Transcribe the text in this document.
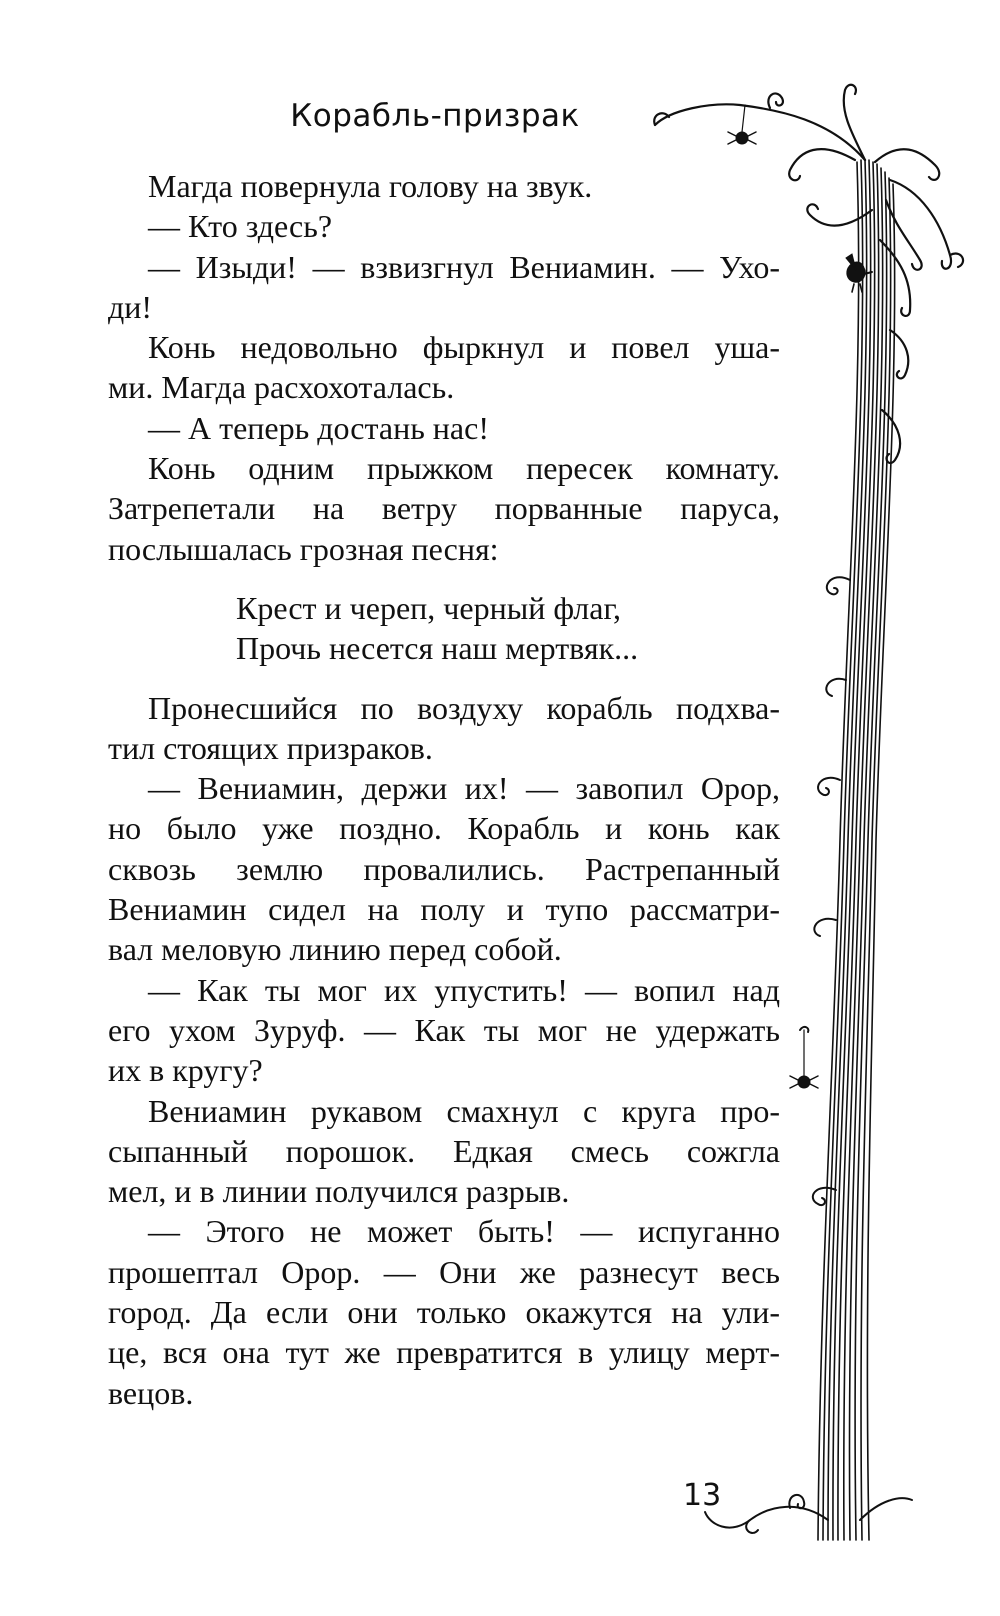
Корабль-призрак
Магда повернула голову на звук.
— Кто здесь?
— Изыди! — взвизгнул Вениамин. — Ухо-
ди!
Конь недовольно фыркнул и повел уша-
ми. Магда расхохоталась.
— А теперь достань нас!
Конь одним прыжком пересек комнату.
Затрепетали на ветру порванные паруса,
послышалась грозная песня:
Крест и череп, черный флаг,
Прочь несется наш мертвяк...
Пронесшийся по воздуху корабль подхва-
тил стоящих призраков.
— Вениамин, держи их! — завопил Орор,
но было уже поздно. Корабль и конь как
сквозь землю провалились. Растрепанный
Вениамин сидел на полу и тупо рассматри-
вал меловую линию перед собой.
— Как ты мог их упустить! — вопил над
его ухом Зуруф. — Как ты мог не удержать
их в кругу?
Вениамин рукавом смахнул с круга про-
сыпанный порошок. Едкая смесь сожгла
мел, и в линии получился разрыв.
— Этого не может быть! — испуганно
прошептал Орор. — Они же разнесут весь
город. Да если они только окажутся на ули-
це, вся она тут же превратится в улицу мерт-
вецов.
13
